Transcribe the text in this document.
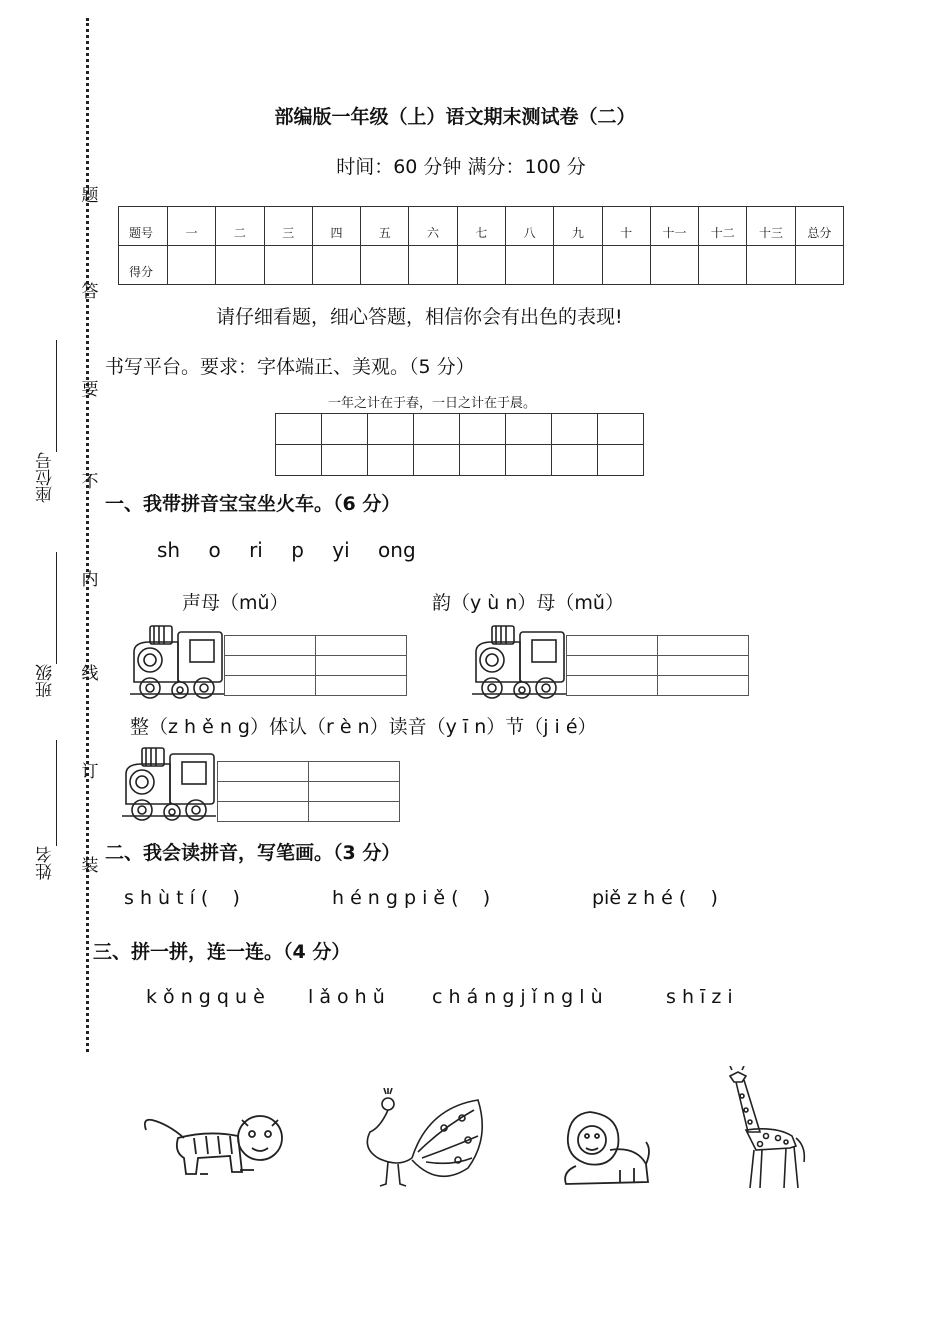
题
答
要
不
内
线
订
装
座位号
班级
姓名
部编版一年级（上）语文期末测试卷（二）
时间：60 分钟 满分：100 分
题号	一	二	三	四	五	六	七	八	九	十	十一	十二	十三	总分
得分														
请仔细看题，细心答题，相信你会有出色的表现!
书写平台。要求：字体端正、美观。（5 分）
一年之计在于春，一日之计在于晨。

一、我带拼音宝宝坐火车。（6 分）
sh o ri p yi ong
声母（mǔ）	韵（y ù n）母（mǔ）

整（z h ě n g）体认（r è n）读音（y ī n）节（j i é）

二、我会读拼音，写笔画。（3 分）
s h ù t í (    )	h é n g p i ě (    )	piě z h é (    )
三、拼一拼，连一连。（4 分）
k ǒ n g q u è l ǎ o h ǔ c h á n g j ǐ n g l ù	s h ī z i
